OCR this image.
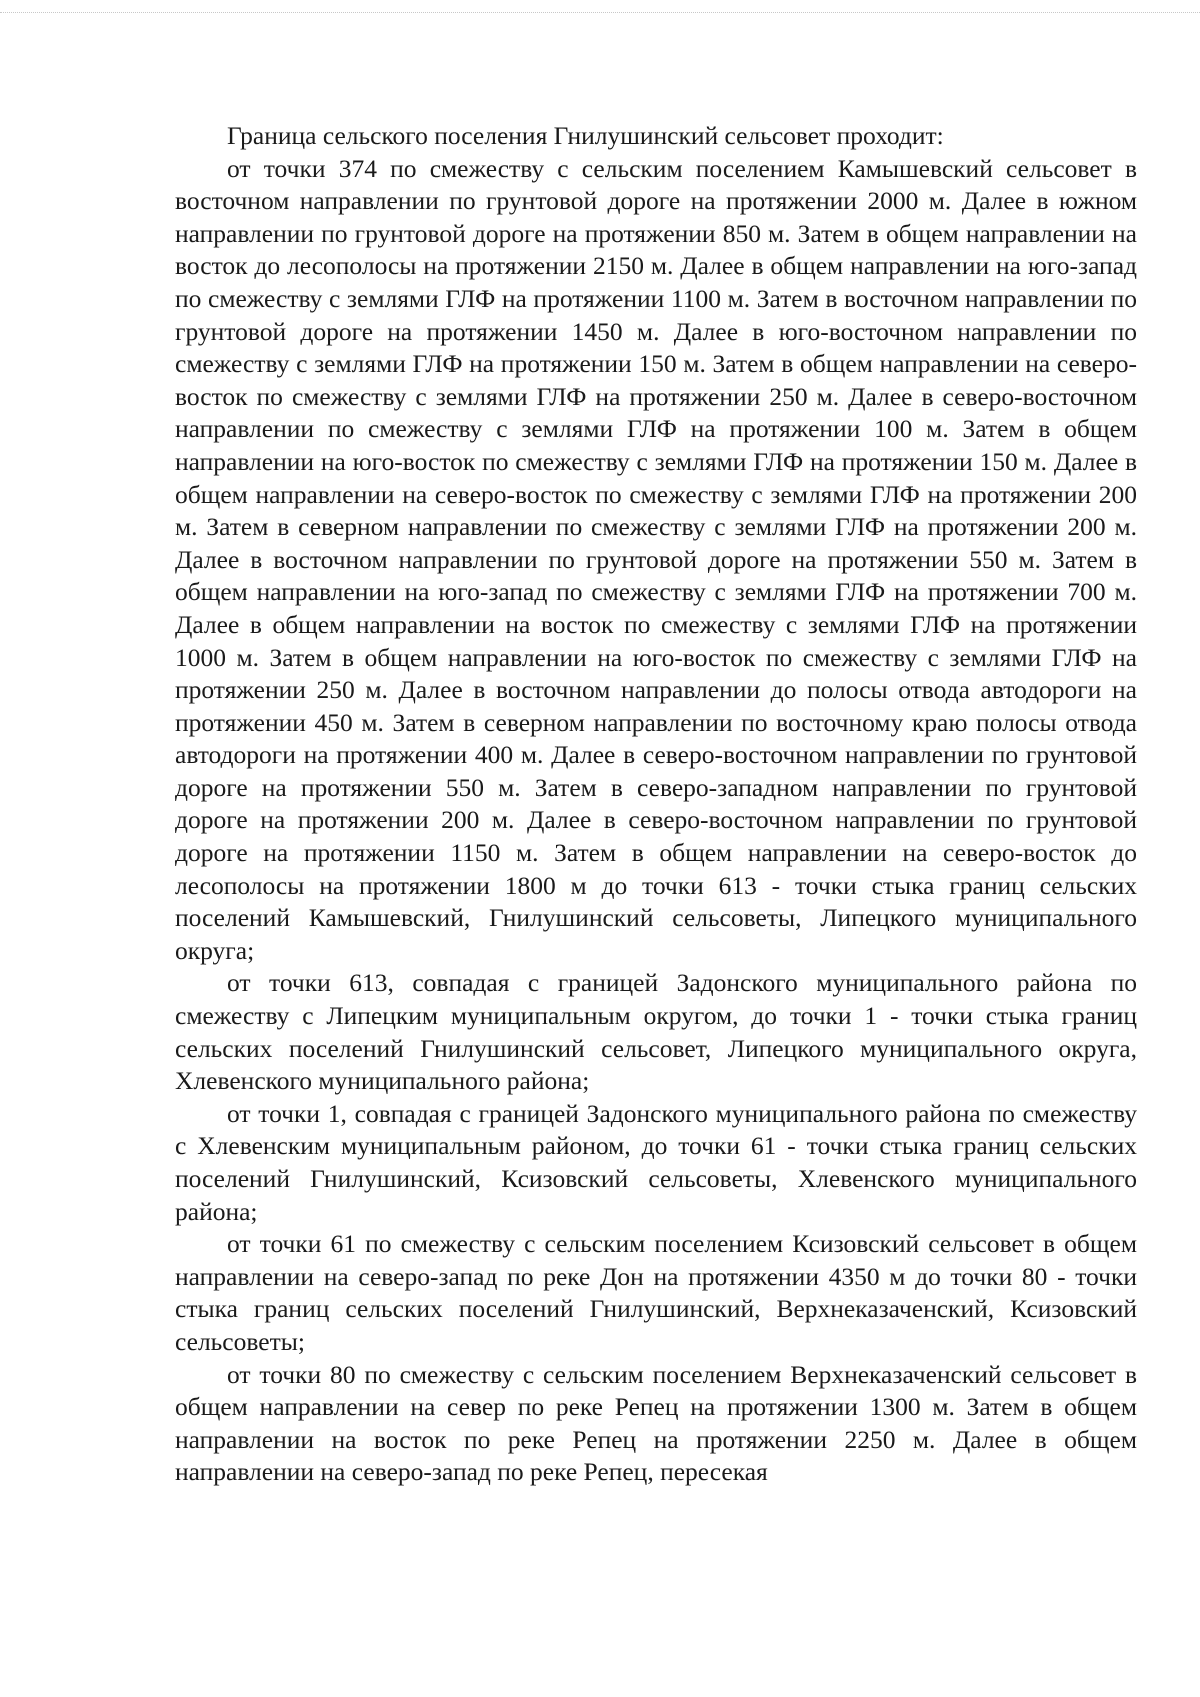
Граница сельского поселения Гнилушинский сельсовет проходит:

от точки 374 по смежеству с сельским поселением Камышевский сельсовет в восточном направлении по грунтовой дороге на протяжении 2000 м. Далее в южном направлении по грунтовой дороге на протяжении 850 м. Затем в общем направлении на восток до лесополосы на протяжении 2150 м. Далее в общем направлении на юго-запад по смежеству с землями ГЛФ на протяжении 1100 м. Затем в восточном направлении по грунтовой дороге на протяжении 1450 м. Далее в юго-восточном направлении по смежеству с землями ГЛФ на протяжении 150 м. Затем в общем направлении на северо-восток по смежеству с землями ГЛФ на протяжении 250 м. Далее в северо-восточном направлении по смежеству с землями ГЛФ на протяжении 100 м. Затем в общем направлении на юго-восток по смежеству с землями ГЛФ на протяжении 150 м. Далее в общем направлении на северо-восток по смежеству с землями ГЛФ на протяжении 200 м. Затем в северном направлении по смежеству с землями ГЛФ на протяжении 200 м. Далее в восточном направлении по грунтовой дороге на протяжении 550 м. Затем в общем направлении на юго-запад по смежеству с землями ГЛФ на протяжении 700 м. Далее в общем направлении на восток по смежеству с землями ГЛФ на протяжении 1000 м. Затем в общем направлении на юго-восток по смежеству с землями ГЛФ на протяжении 250 м. Далее в восточном направлении до полосы отвода автодороги на протяжении 450 м. Затем в северном направлении по восточному краю полосы отвода автодороги на протяжении 400 м. Далее в северо-восточном направлении по грунтовой дороге на протяжении 550 м. Затем в северо-западном направлении по грунтовой дороге на протяжении 200 м. Далее в северо-восточном направлении по грунтовой дороге на протяжении 1150 м. Затем в общем направлении на северо-восток до лесополосы на протяжении 1800 м до точки 613 - точки стыка границ сельских поселений Камышевский, Гнилушинский сельсоветы, Липецкого муниципального округа;

от точки 613, совпадая с границей Задонского муниципального района по смежеству с Липецким муниципальным округом, до точки 1 - точки стыка границ сельских поселений Гнилушинский сельсовет, Липецкого муниципального округа, Хлевенского муниципального района;

от точки 1, совпадая с границей Задонского муниципального района по смежеству с Хлевенским муниципальным районом, до точки 61 - точки стыка границ сельских поселений Гнилушинский, Ксизовский сельсоветы, Хлевенского муниципального района;

от точки 61 по смежеству с сельским поселением Ксизовский сельсовет в общем направлении на северо-запад по реке Дон на протяжении 4350 м до точки 80 - точки стыка границ сельских поселений Гнилушинский, Верхнеказаченский, Ксизовский сельсоветы;

от точки 80 по смежеству с сельским поселением Верхнеказаченский сельсовет в общем направлении на север по реке Репец на протяжении 1300 м. Затем в общем направлении на восток по реке Репец на протяжении 2250 м. Далее в общем направлении на северо-запад по реке Репец, пересекая
